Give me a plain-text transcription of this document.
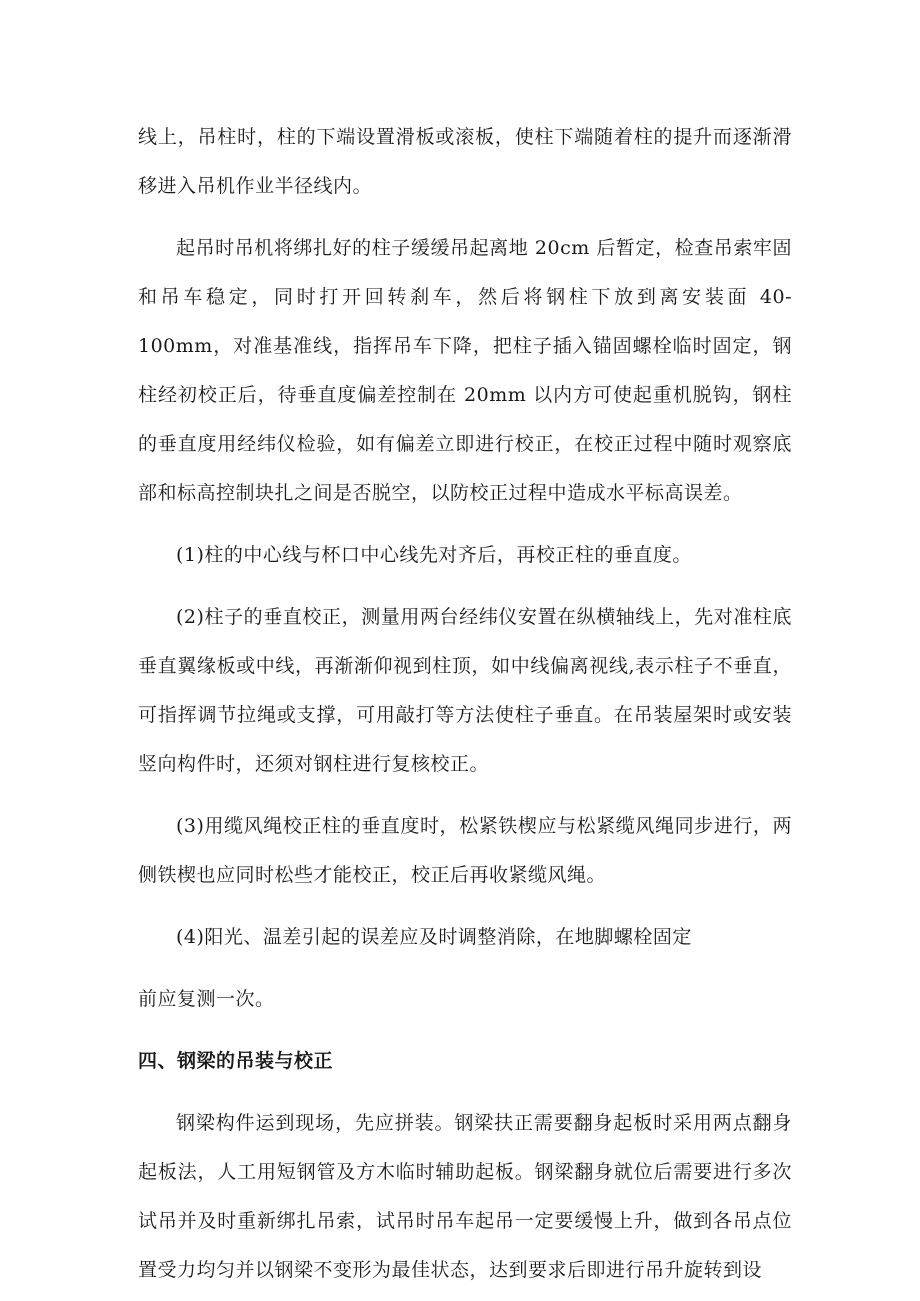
线上，吊柱时，柱的下端设置滑板或滚板，使柱下端随着柱的提升而逐渐滑移进入吊机作业半径线内。

起吊时吊机将绑扎好的柱子缓缓吊起离地 20cm 后暂定，检查吊索牢固和吊车稳定，同时打开回转刹车，然后将钢柱下放到离安装面 40-100mm，对准基准线，指挥吊车下降，把柱子插入锚固螺栓临时固定，钢柱经初校正后，待垂直度偏差控制在 20mm 以内方可使起重机脱钩，钢柱的垂直度用经纬仪检验，如有偏差立即进行校正，在校正过程中随时观察底部和标高控制块扎之间是否脱空，以防校正过程中造成水平标高误差。

(1)柱的中心线与杯口中心线先对齐后，再校正柱的垂直度。

(2)柱子的垂直校正，测量用两台经纬仪安置在纵横轴线上，先对准柱底垂直翼缘板或中线，再渐渐仰视到柱顶，如中线偏离视线,表示柱子不垂直，可指挥调节拉绳或支撑，可用敲打等方法使柱子垂直。在吊装屋架时或安装竖向构件时，还须对钢柱进行复核校正。

(3)用缆风绳校正柱的垂直度时，松紧铁楔应与松紧缆风绳同步进行，两侧铁楔也应同时松些才能校正，校正后再收紧缆风绳。

(4)阳光、温差引起的误差应及时调整消除，在地脚螺栓固定

前应复测一次。

四、钢梁的吊装与校正

钢梁构件运到现场，先应拼装。钢梁扶正需要翻身起板时采用两点翻身起板法，人工用短钢管及方木临时辅助起板。钢梁翻身就位后需要进行多次试吊并及时重新绑扎吊索，试吊时吊车起吊一定要缓慢上升，做到各吊点位置受力均匀并以钢梁不变形为最佳状态，达到要求后即进行吊升旋转到设
